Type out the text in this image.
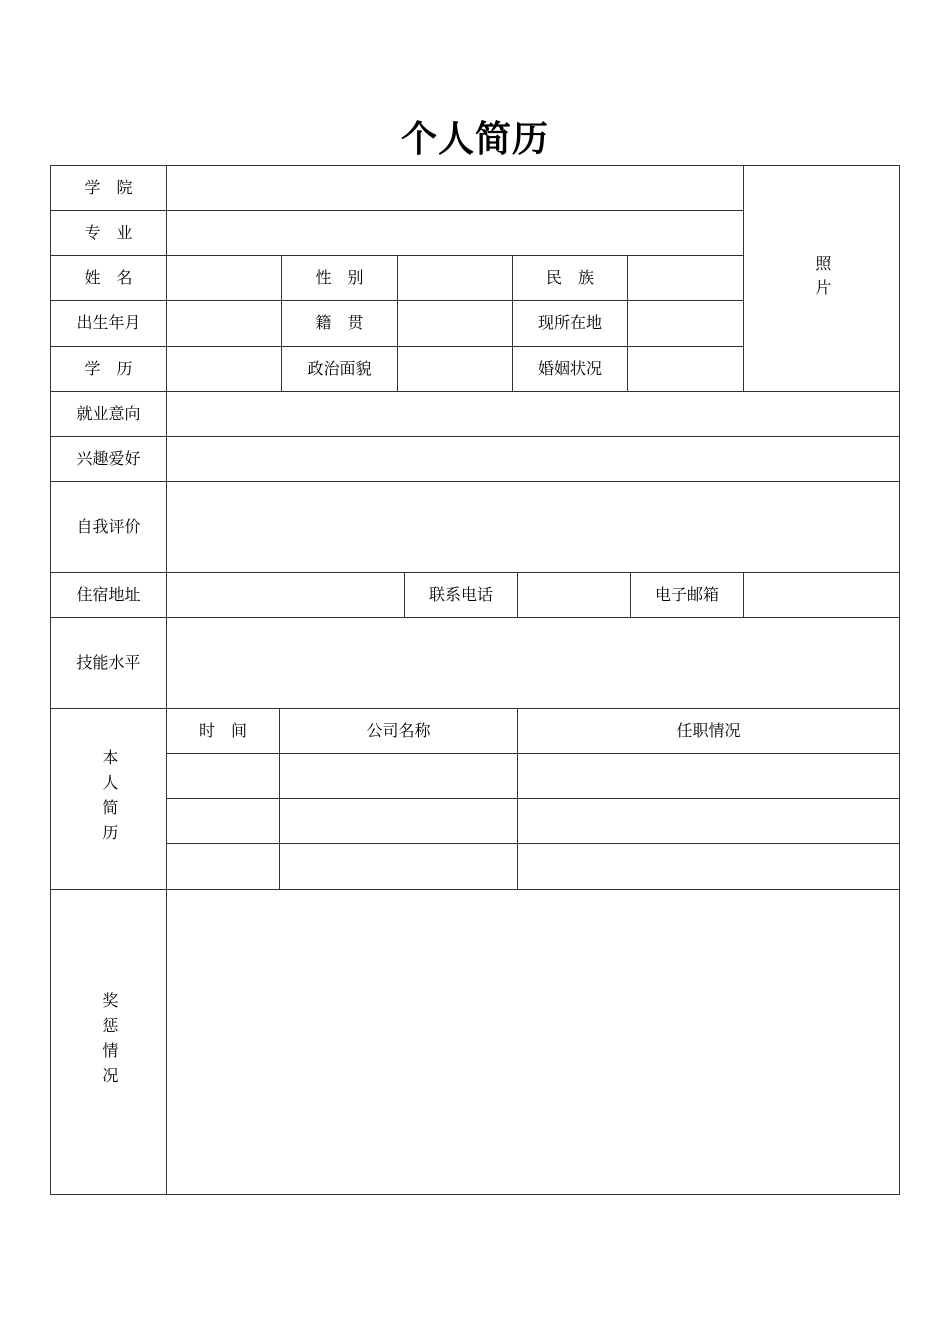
个人简历
学　院
照片
专　业
姓　名	性　别	民　族
出生年月	籍　贯	现所在地
学　历	政治面貌	婚姻状况
就业意向
兴趣爱好
自我评价
住宿地址	联系电话	电子邮箱
技能水平
本人简历
时　间	公司名称	任职情况
奖惩情况
